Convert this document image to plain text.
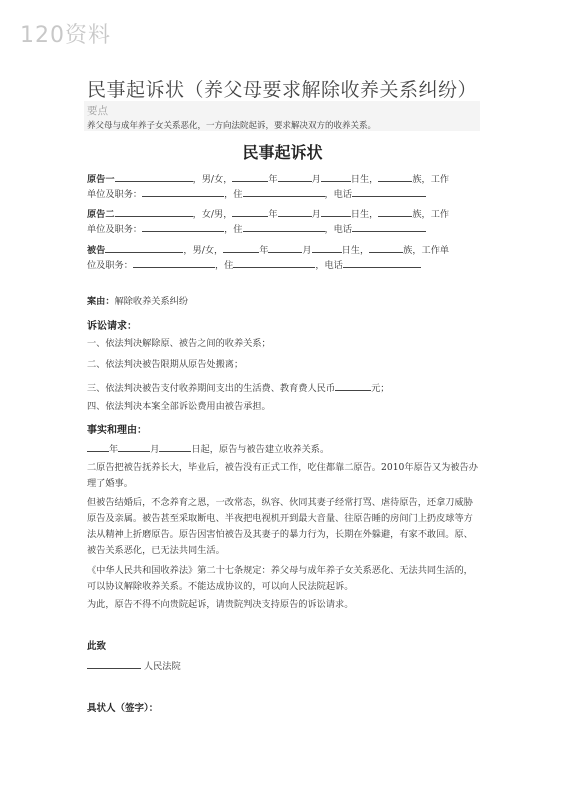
120资料
民事起诉状（养父母要求解除收养关系纠纷）
要点
养父母与成年养子女关系恶化，一方向法院起诉，要求解决双方的收养关系。
民事起诉状
原告一	，男/女，	年	月	日生，	族，工作
单位及职务：	，住	，电话
原告二	，女/男，	年	月	日生，	族，工作
单位及职务：	，住	，电话
被告	，男/女，	年	月	日生，	族，工作单
位及职务：	，住	，电话
案由：解除收养关系纠纷
诉讼请求：
一、依法判决解除原、被告之间的收养关系；
二、依法判决被告限期从原告处搬离；
三、依法判决被告支付收养期间支出的生活费、教育费人民币	元；
四、依法判决本案全部诉讼费用由被告承担。
事实和理由：
年	月	日起，原告与被告建立收养关系。
二原告把被告抚养长大，毕业后，被告没有正式工作，吃住都靠二原告。2010年原告又为被告办理了婚事。
但被告结婚后，不念养育之恩，一改常态，纵容、伙同其妻子经常打骂、虐待原告，还拿刀威胁原告及亲属。被告甚至采取断电、半夜把电视机开到最大音量、往原告睡的房间门上扔皮球等方法从精神上折磨原告。原告因害怕被告及其妻子的暴力行为，长期在外躲避，有家不敢回。原、被告关系恶化，已无法共同生活。
《中华人民共和国收养法》第二十七条规定：养父母与成年养子女关系恶化、无法共同生活的，可以协议解除收养关系。不能达成协议的，可以向人民法院起诉。
为此，原告不得不向贵院起诉，请贵院判决支持原告的诉讼请求。
此致
人民法院
具状人（签字）：
